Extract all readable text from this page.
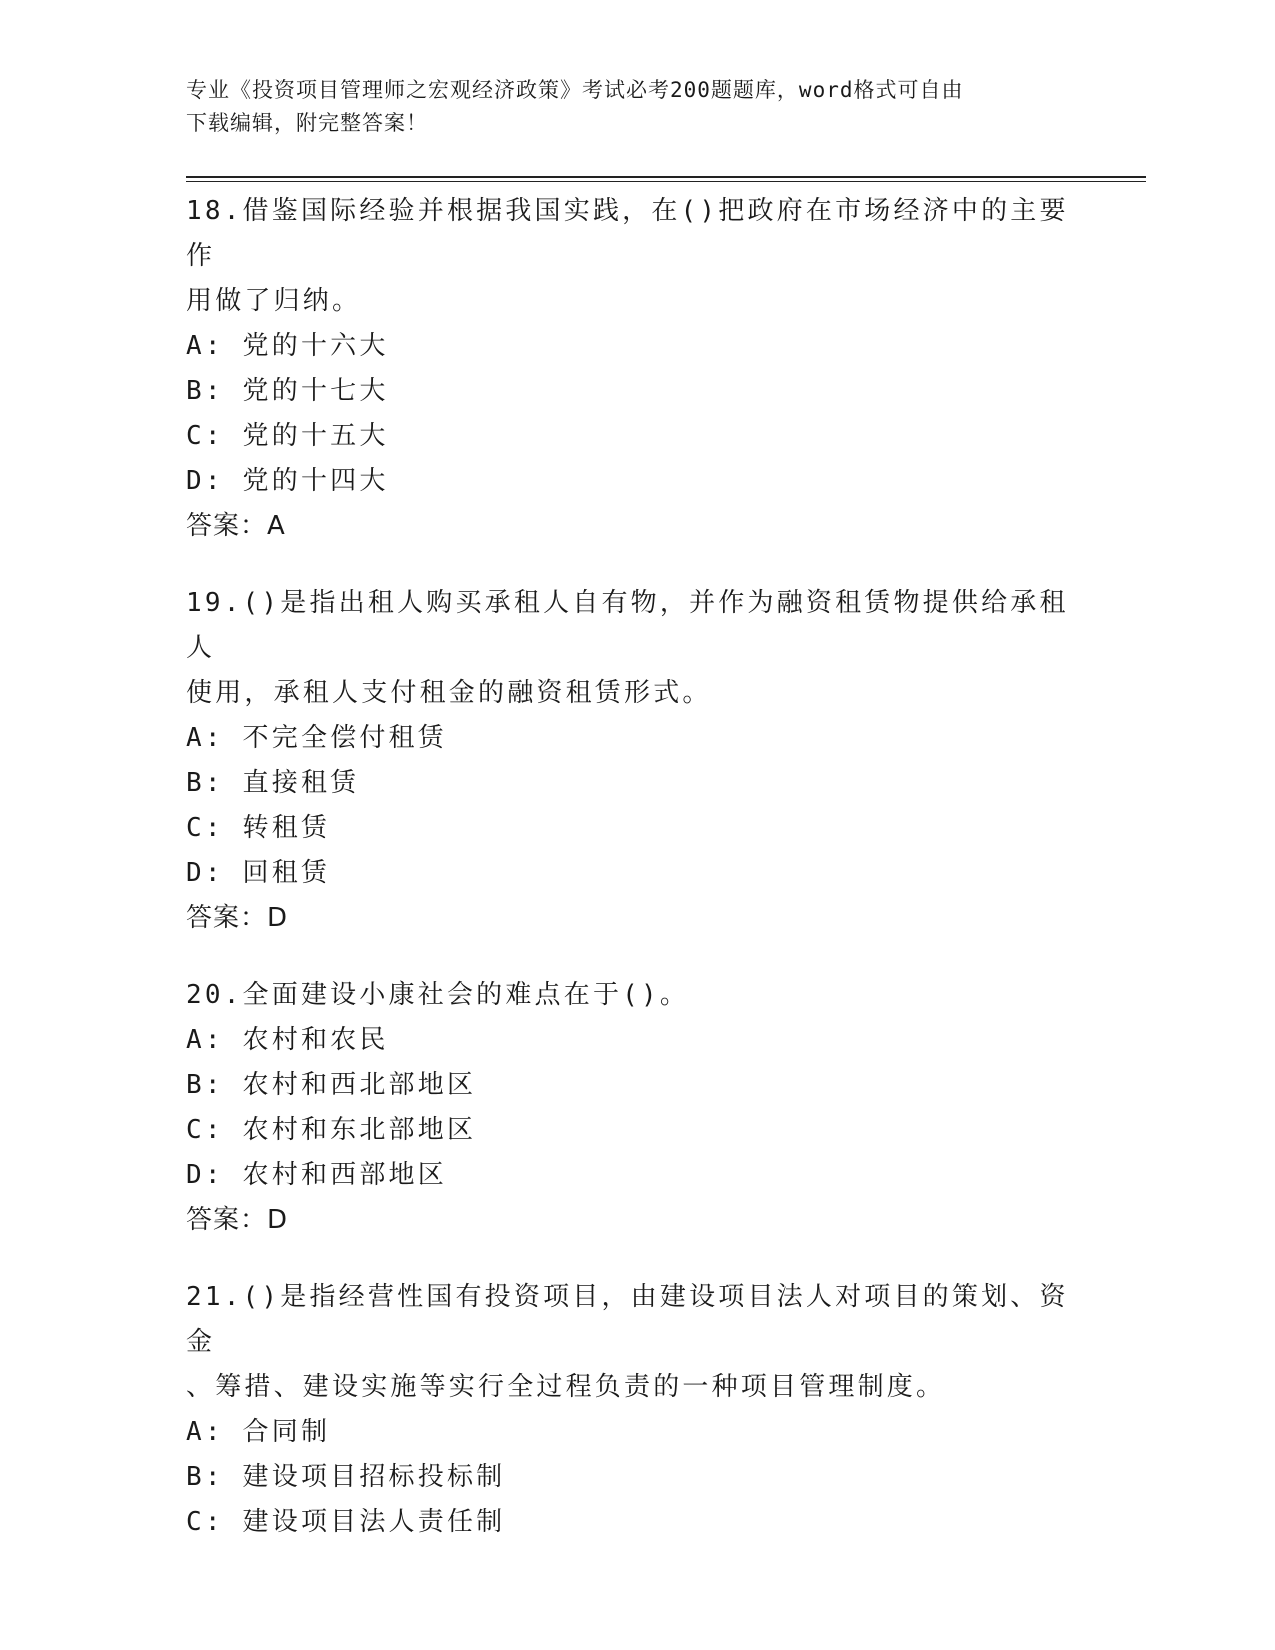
专业《投资项目管理师之宏观经济政策》考试必考200题题库，word格式可自由
下载编辑，附完整答案！
18.借鉴国际经验并根据我国实践，在()把政府在市场经济中的主要作
用做了归纳。
A: 党的十六大
B: 党的十七大
C: 党的十五大
D: 党的十四大
答案：A
19.()是指出租人购买承租人自有物，并作为融资租赁物提供给承租人
使用，承租人支付租金的融资租赁形式。
A: 不完全偿付租赁
B: 直接租赁
C: 转租赁
D: 回租赁
答案：D
20.全面建设小康社会的难点在于()。
A: 农村和农民
B: 农村和西北部地区
C: 农村和东北部地区
D: 农村和西部地区
答案：D
21.()是指经营性国有投资项目，由建设项目法人对项目的策划、资金
、筹措、建设实施等实行全过程负责的一种项目管理制度。
A: 合同制
B: 建设项目招标投标制
C: 建设项目法人责任制
